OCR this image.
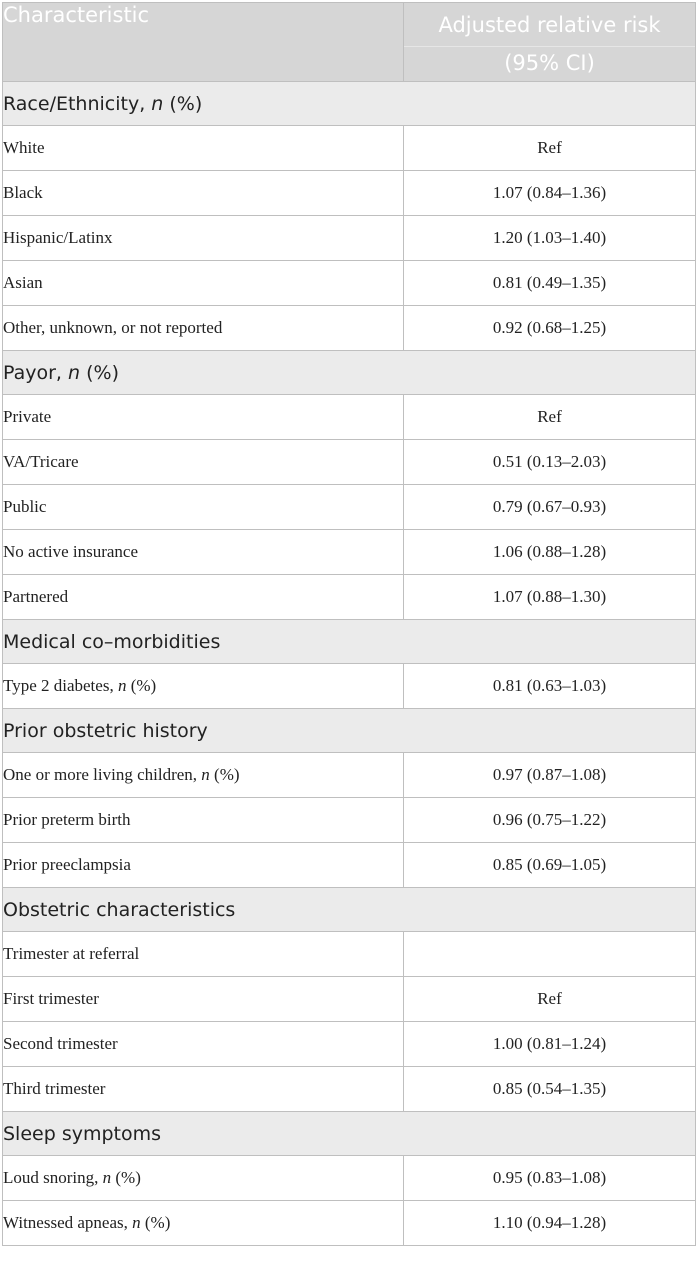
Characteristic	Adjusted relative risk
(95% CI)

Race/Ethnicity, n (%)	
White	Ref
Black	1.07 (0.84–1.36)
Hispanic/Latinx	1.20 (1.03–1.40)
Asian	0.81 (0.49–1.35)
Other, unknown, or not reported	0.92 (0.68–1.25)
Payor, n (%)	
Private	Ref
VA/Tricare	0.51 (0.13–2.03)
Public	0.79 (0.67–0.93)
No active insurance	1.06 (0.88–1.28)
Partnered	1.07 (0.88–1.30)
Medical co–morbidities	
Type 2 diabetes, n (%)	0.81 (0.63–1.03)
Prior obstetric history	
One or more living children, n (%)	0.97 (0.87–1.08)
Prior preterm birth	0.96 (0.75–1.22)
Prior preeclampsia	0.85 (0.69–1.05)
Obstetric characteristics	
Trimester at referral	
First trimester	Ref
Second trimester	1.00 (0.81–1.24)
Third trimester	0.85 (0.54–1.35)
Sleep symptoms	
Loud snoring, n (%)	0.95 (0.83–1.08)
Witnessed apneas, n (%)	1.10 (0.94–1.28)
